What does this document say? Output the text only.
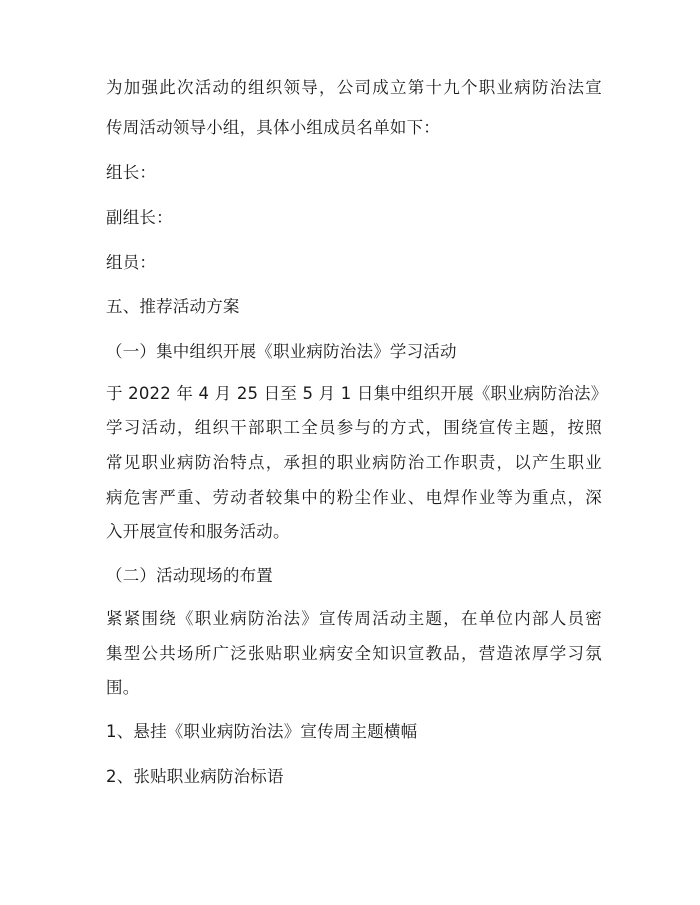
为加强此次活动的组织领导，公司成立第十九个职业病防治法宣
传周活动领导小组，具体小组成员名单如下：
组长：
副组长：
组员：
五、推荐活动方案
（一）集中组织开展《职业病防治法》学习活动
于 2022 年 4 月 25 日至 5 月 1 日集中组织开展《职业病防治法》
学习活动，组织干部职工全员参与的方式，围绕宣传主题，按照
常见职业病防治特点，承担的职业病防治工作职责，以产生职业
病危害严重、劳动者较集中的粉尘作业、电焊作业等为重点，深
入开展宣传和服务活动。
（二）活动现场的布置
紧紧围绕《职业病防治法》宣传周活动主题，在单位内部人员密
集型公共场所广泛张贴职业病安全知识宣教品，营造浓厚学习氛
围。
1、悬挂《职业病防治法》宣传周主题横幅
2、张贴职业病防治标语
